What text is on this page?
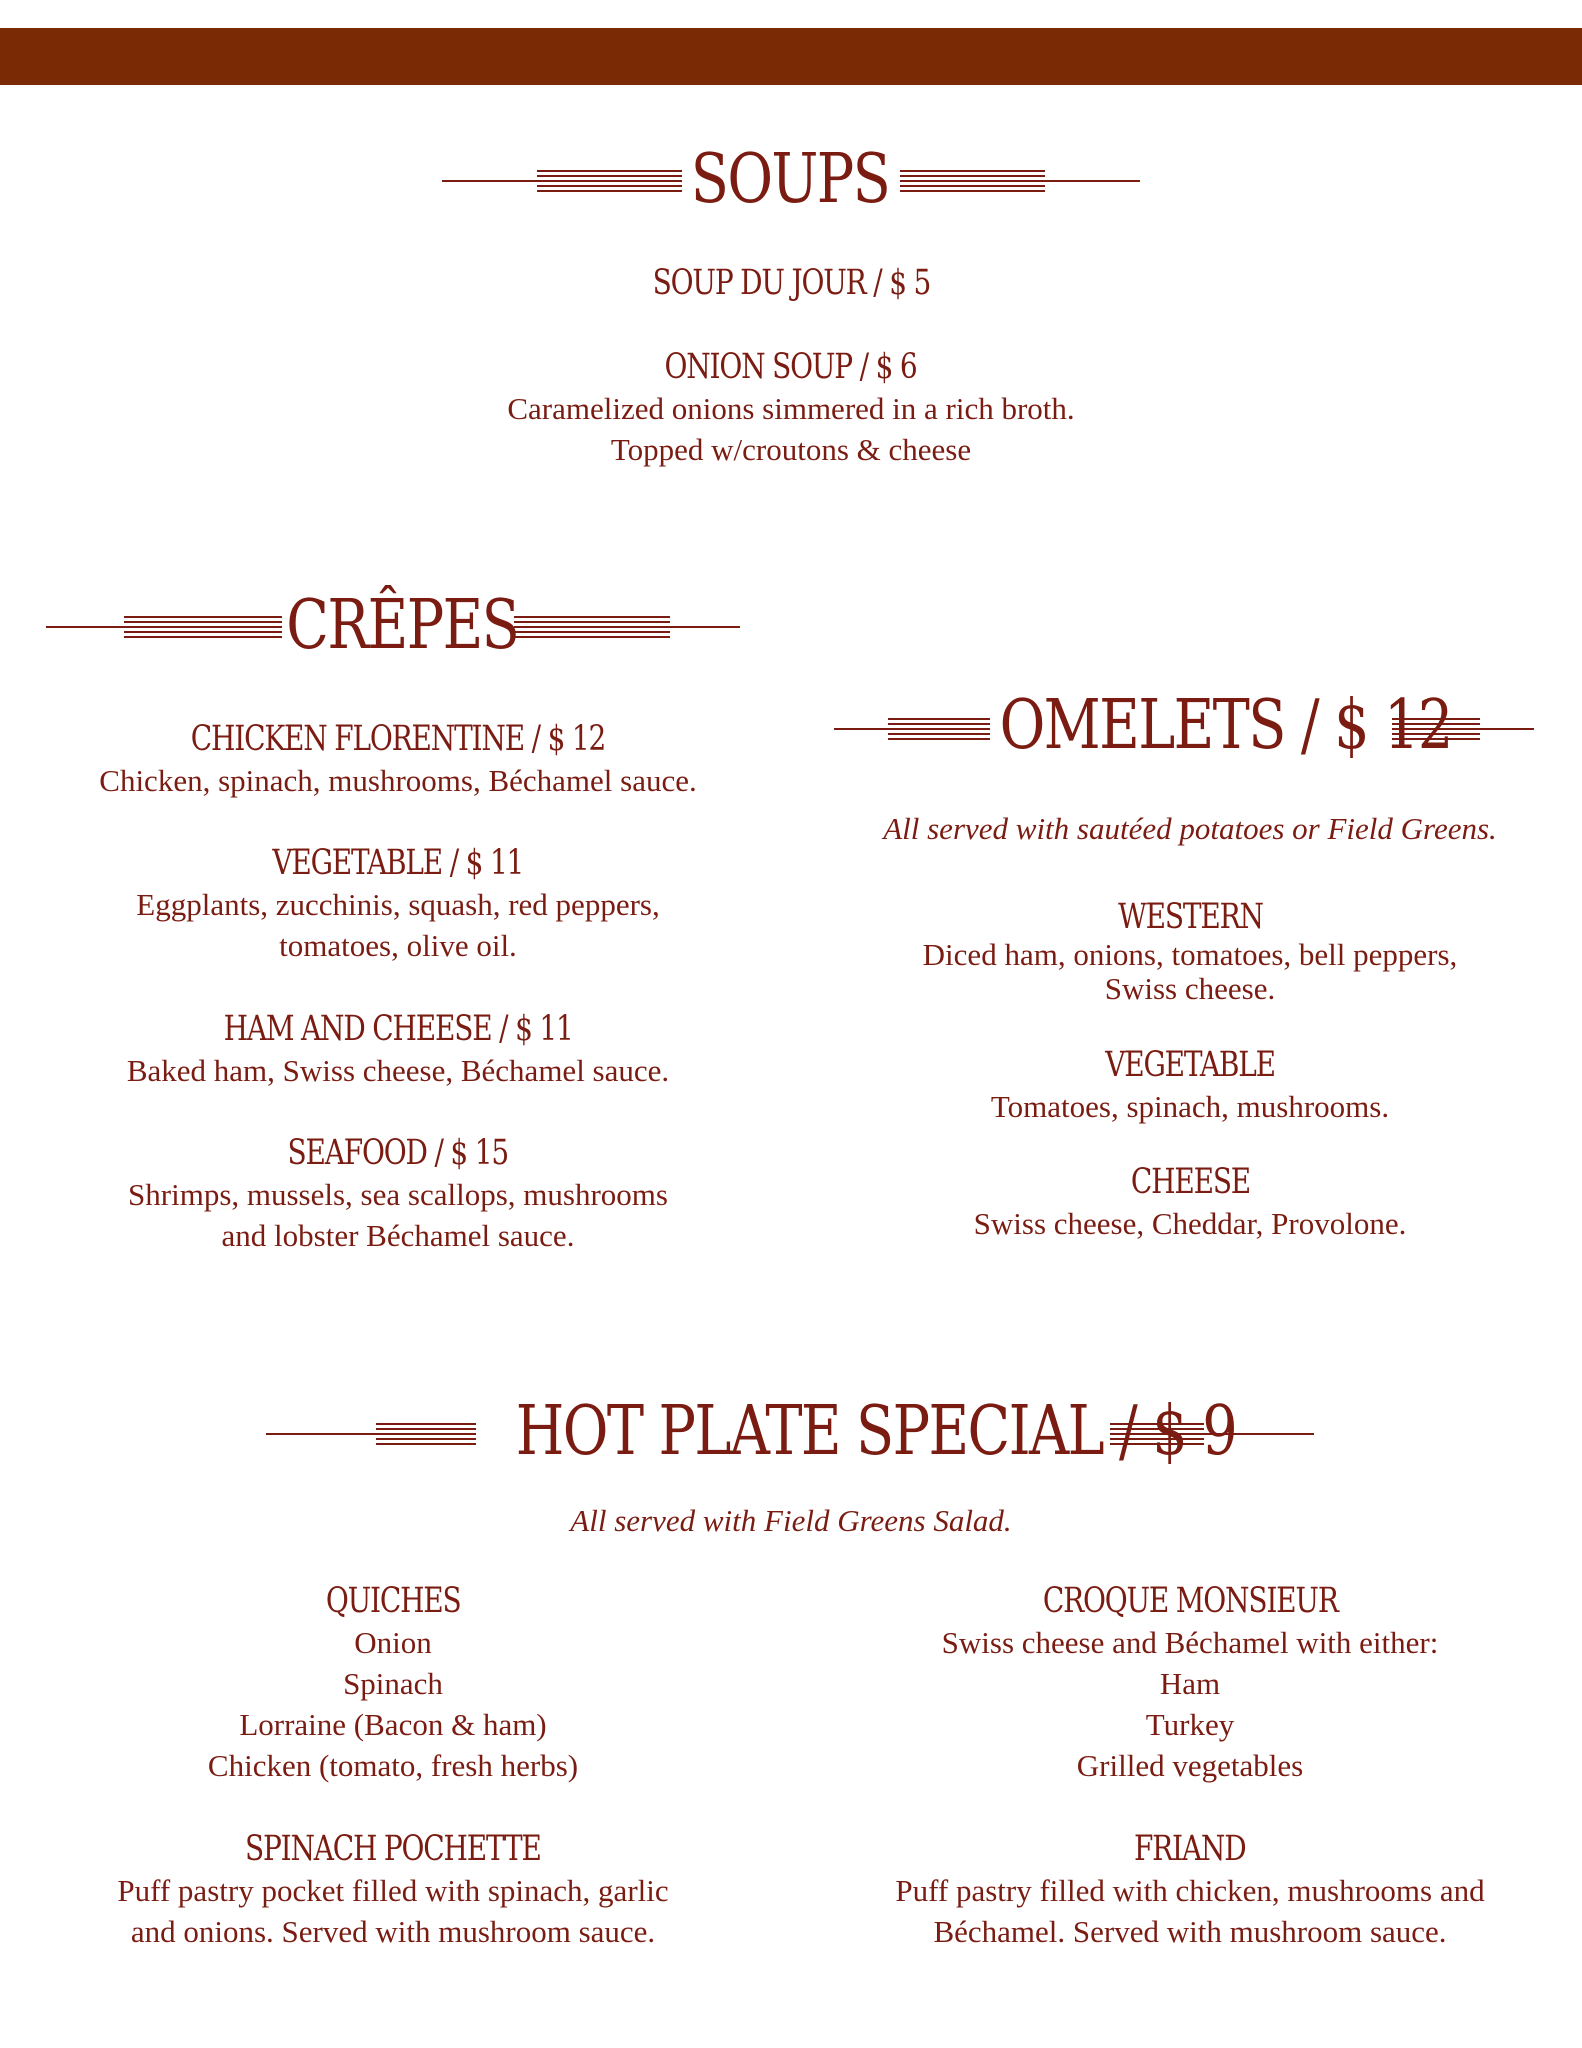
SOUPS
SOUP DU JOUR / $ 5
ONION SOUP / $ 6
Caramelized onions simmered in a rich broth.
Topped w/croutons & cheese
CRÊPES
CHICKEN FLORENTINE / $ 12
Chicken, spinach, mushrooms, Béchamel sauce.
VEGETABLE / $ 11
Eggplants, zucchinis, squash, red peppers,
tomatoes, olive oil.
HAM AND CHEESE / $ 11
Baked ham, Swiss cheese, Béchamel sauce.
SEAFOOD / $ 15
Shrimps, mussels, sea scallops, mushrooms
and lobster Béchamel sauce.
OMELETS / $ 12
All served with sautéed potatoes or Field Greens.
WESTERN
Diced ham, onions, tomatoes, bell peppers,
Swiss cheese.
VEGETABLE
Tomatoes, spinach, mushrooms.
CHEESE
Swiss cheese, Cheddar, Provolone.
HOT PLATE SPECIAL / $ 9
All served with Field Greens Salad.
QUICHES
Onion
Spinach
Lorraine (Bacon & ham)
Chicken (tomato, fresh herbs)
CROQUE MONSIEUR
Swiss cheese and Béchamel with either:
Ham
Turkey
Grilled vegetables
SPINACH POCHETTE
Puff pastry pocket filled with spinach, garlic
and onions. Served with mushroom sauce.
FRIAND
Puff pastry filled with chicken, mushrooms and
Béchamel. Served with mushroom sauce.
